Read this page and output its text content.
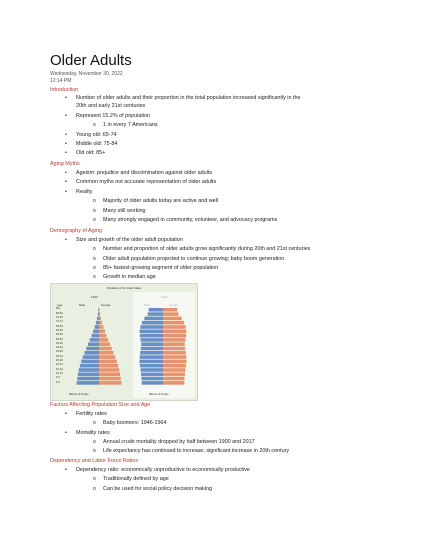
Older Adults
Wednesday, November 30, 2022
12:14 PM
Introduction
• Number of older adults and their proportion in the total population increased significantly in the
20th and early 21st centuries
• Represent 15.2% of population
o 1 in every 7 Americans
• Young old: 65-74
• Middle old: 75-84
• Old old: 85+
Aging Myths
• Ageism: prejudice and discrimination against older adults
• Common myths not accurate representation of older adults
• Reality
o Majority of older adults today are active and well
o Many still working
o Many strongly engaged in community, volunteer, and advocacy programs
Demography of Aging
• Size and growth of the older adult population
o Number and proportion of older adults grow significantly during 20th and 21st centuries
o Older adult population projected to continue growing; baby boom generation
o 85+ fastest-growing segment of older population
o Growth in median age
Population of the United States
1900
Male	Female
Age
85+
80-84
75-79
70-74
65-69
60-64
55-59
50-54
45-49
40-44
35-39
30-34
25-29
20-24
15-19
10-14
5-9
0-4
Millions of People	Millions of People
Factors Affecting Population Size and Age
• Fertility rates
o Baby boomers: 1946-1964
• Mortality rates
o Annual crude mortality dropped by half between 1900 and 2017
o Life expectancy has continued to increase; significant increase in 20th century
Dependency and Labor Force Ratios
• Dependency ratio: economically unproductive to economically productive
o Traditionally defined by age
o Can be used for social policy decision making
